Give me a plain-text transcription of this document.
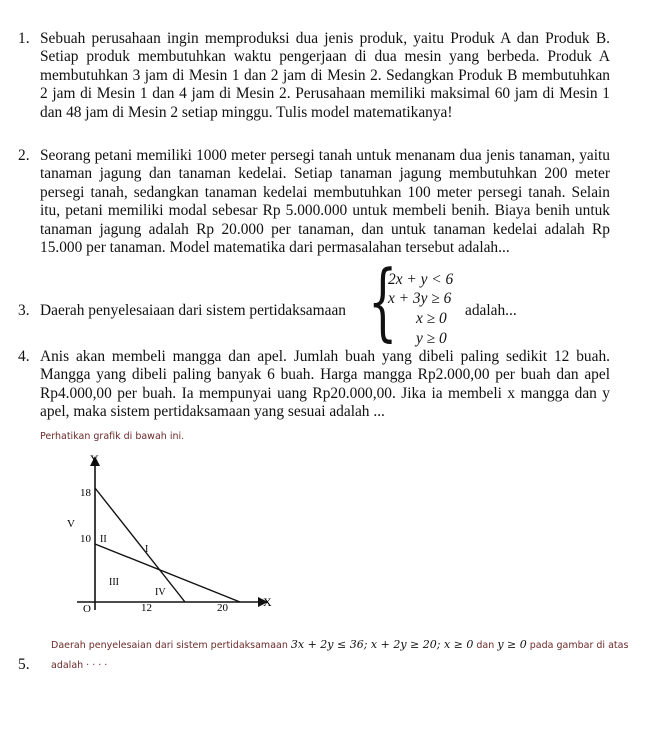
1. Sebuah perusahaan ingin memproduksi dua jenis produk, yaitu Produk A dan Produk B. Setiap produk membutuhkan waktu pengerjaan di dua mesin yang berbeda. Produk A membutuhkan 3 jam di Mesin 1 dan 2 jam di Mesin 2. Sedangkan Produk B membutuhkan 2 jam di Mesin 1 dan 4 jam di Mesin 2. Perusahaan memiliki maksimal 60 jam di Mesin 1 dan 48 jam di Mesin 2 setiap minggu. Tulis model matematikanya!
2. Seorang petani memiliki 1000 meter persegi tanah untuk menanam dua jenis tanaman, yaitu tanaman jagung dan tanaman kedelai. Setiap tanaman jagung membutuhkan 200 meter persegi tanah, sedangkan tanaman kedelai membutuhkan 100 meter persegi tanah. Selain itu, petani memiliki modal sebesar Rp 5.000.000 untuk membeli benih. Biaya benih untuk tanaman jagung adalah Rp 20.000 per tanaman, dan untuk tanaman kedelai adalah Rp 15.000 per tanaman. Model matematika dari permasalahan tersebut adalah...
3. Daerah penyelesaiaan dari sistem pertidaksamaan {
2x + y < 6
x + 3y ≥ 6
x ≥ 0
y ≥ 0
adalah...
4. Anis akan membeli mangga dan apel. Jumlah buah yang dibeli paling sedikit 12 buah. Mangga yang dibeli paling banyak 6 buah. Harga mangga Rp2.000,00 per buah dan apel Rp4.000,00 per buah. Ia mempunyai uang Rp20.000,00. Jika ia membeli x mangga dan y apel, maka sistem pertidaksamaan yang sesuai adalah ...
Perhatikan grafik di bawah ini.
Y
18
10
12	20	X
O
I
II
III
IV
V
Daerah penyelesaian dari sistem pertidaksamaan 3x + 2y ≤ 36; x + 2y ≥ 20; x ≥ 0 dan y ≥ 0 pada gambar di atas
5. adalah · · · ·
